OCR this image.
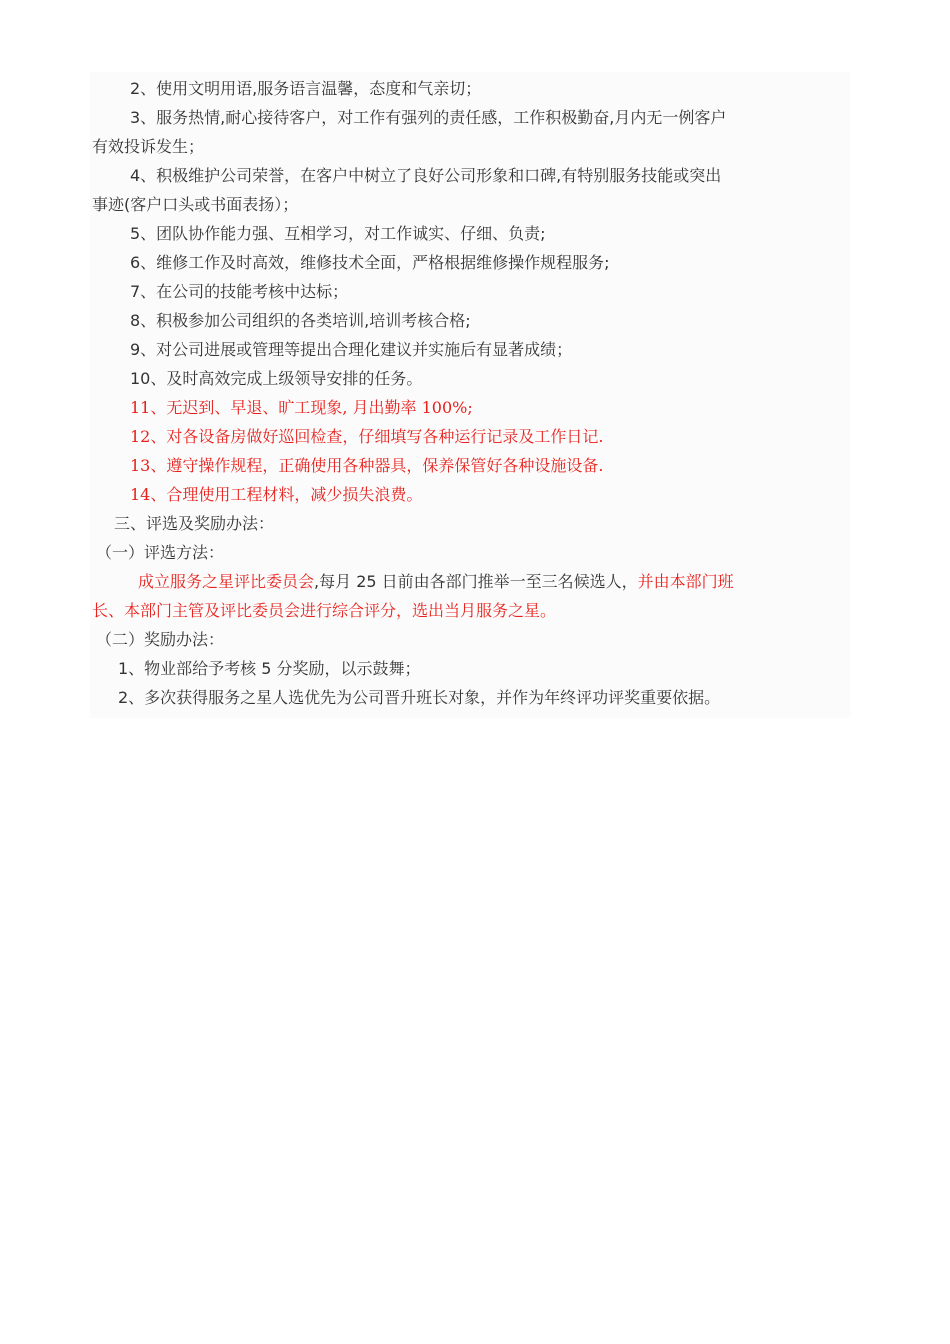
2、使用文明用语,服务语言温馨，态度和气亲切；

3、服务热情,耐心接待客户，对工作有强列的责任感，工作积极勤奋,月内无一例客户

有效投诉发生；

4、积极维护公司荣誉，在客户中树立了良好公司形象和口碑,有特别服务技能或突出

事迹(客户口头或书面表扬）；

5、团队协作能力强、互相学习，对工作诚实、仔细、负责;

6、维修工作及时高效，维修技术全面，严格根据维修操作规程服务;

7、在公司的技能考核中达标；

8、积极参加公司组织的各类培训,培训考核合格;

9、对公司进展或管理等提出合理化建议并实施后有显著成绩；

10、及时高效完成上级领导安排的任务。

11、无迟到、早退、旷工现象, 月出勤率 100%;

12、对各设备房做好巡回检查，仔细填写各种运行记录及工作日记.

13、遵守操作规程，正确使用各种器具，保养保管好各种设施设备.

14、合理使用工程材料，减少损失浪费。

三、评选及奖励办法：

（一）评选方法：

成立服务之星评比委员会,每月 25 日前由各部门推举一至三名候选人，并由本部门班

长、本部门主管及评比委员会进行综合评分，选出当月服务之星。

（二）奖励办法：

1、物业部给予考核 5 分奖励，以示鼓舞；

2、多次获得服务之星人选优先为公司晋升班长对象，并作为年终评功评奖重要依据。
